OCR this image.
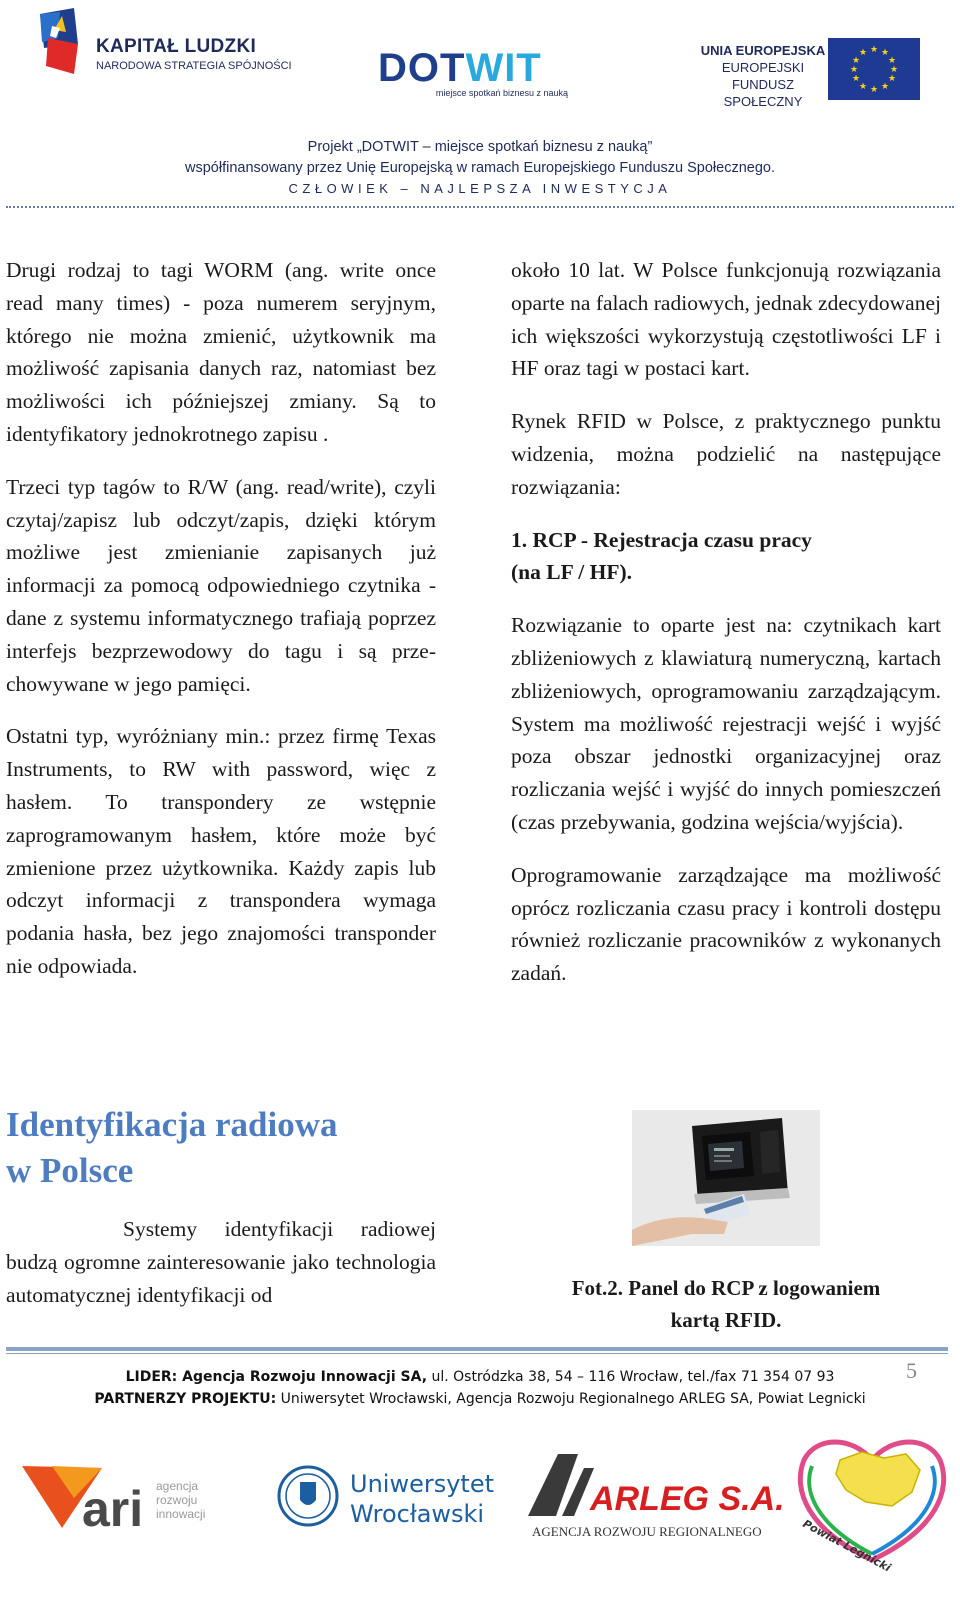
KAPITAŁ LUDZKI
NARODOWA STRATEGIA SPÓJNOŚCI DOTWIT
miejsce spotkań biznesu z nauką
UNIA EUROPEJSKA
EUROPEJSKI
FUNDUSZ SPOŁECZNY
★ ★
★
★
★
★
★
★
★
★
★
★
Projekt „DOTWIT – miejsce spotkań biznesu z nauką”
współfinansowany przez Unię Europejską w ramach Europejskiego Funduszu Społecznego.
CZŁOWIEK – NAJLEPSZA INWESTYCJA

Drugi rodzaj to tagi WORM (ang. write once read many times) - poza numerem seryjnym, którego nie można zmienić, użytkownik ma możliwość zapisania danych raz, natomiast bez możliwości ich późniejszej zmiany. Są to identyfikatory jednokrotnego zapisu .

Trzeci typ tagów to R/W (ang. read/write), czyli czytaj/zapisz lub odczyt/zapis, dzięki którym możliwe jest zmienianie zapisanych już informacji za pomocą odpowiedniego czytnika - dane z systemu informatycznego trafiają poprzez interfejs bezprzewodowy do tagu i są prze-chowywane w jego pamięci.

Ostatni typ, wyróżniany min.: przez firmę Texas Instruments, to RW with password, więc z hasłem. To transpondery ze wstępnie zaprogramowanym hasłem, które może być zmienione przez użytkownika. Każdy zapis lub odczyt informacji z transpondera wymaga podania hasła, bez jego znajomości transponder nie odpowiada.

Identyfikacja radiowa
w Polsce

Systemy identyfikacji radiowej budzą ogromne zainteresowanie jako technologia automatycznej identyfikacji od

około 10 lat. W Polsce funkcjonują rozwiązania oparte na falach radiowych, jednak zdecydowanej ich większości wykorzystują częstotliwości LF i HF oraz tagi w postaci kart.

Rynek RFID w Polsce, z praktycznego punktu widzenia, można podzielić na następujące rozwiązania:

1. RCP - Rejestracja czasu pracy
(na LF / HF).

Rozwiązanie to oparte jest na: czytnikach kart zbliżeniowych z klawiaturą numeryczną, kartach zbliżeniowych, oprogramowaniu zarządzającym. System ma możliwość rejestracji wejść i wyjść poza obszar jednostki organizacyjnej oraz rozliczania wejść i wyjść do innych pomieszczeń (czas przebywania, godzina wejścia/wyjścia).

Oprogramowanie zarządzające ma możliwość oprócz rozliczania czasu pracy i kontroli dostępu również rozliczanie pracowników z wykonanych zadań.

Fot.2. Panel do RCP z logowaniem
kartą RFID.
5
LIDER: Agencja Rozwoju Innowacji SA, ul. Ostródzka 38, 54 – 116 Wrocław, tel./fax 71 354 07 93
PARTNERZY PROJEKTU: Uniwersytet Wrocławski, Agencja Rozwoju Regionalnego ARLEG SA, Powiat Legnicki
ari agencja
rozwoju
innowacji
Uniwersytet
Wrocławski	ARLEG S.A.
AGENCJA ROZWOJU REGIONALNEGO	Powiat Legnicki
